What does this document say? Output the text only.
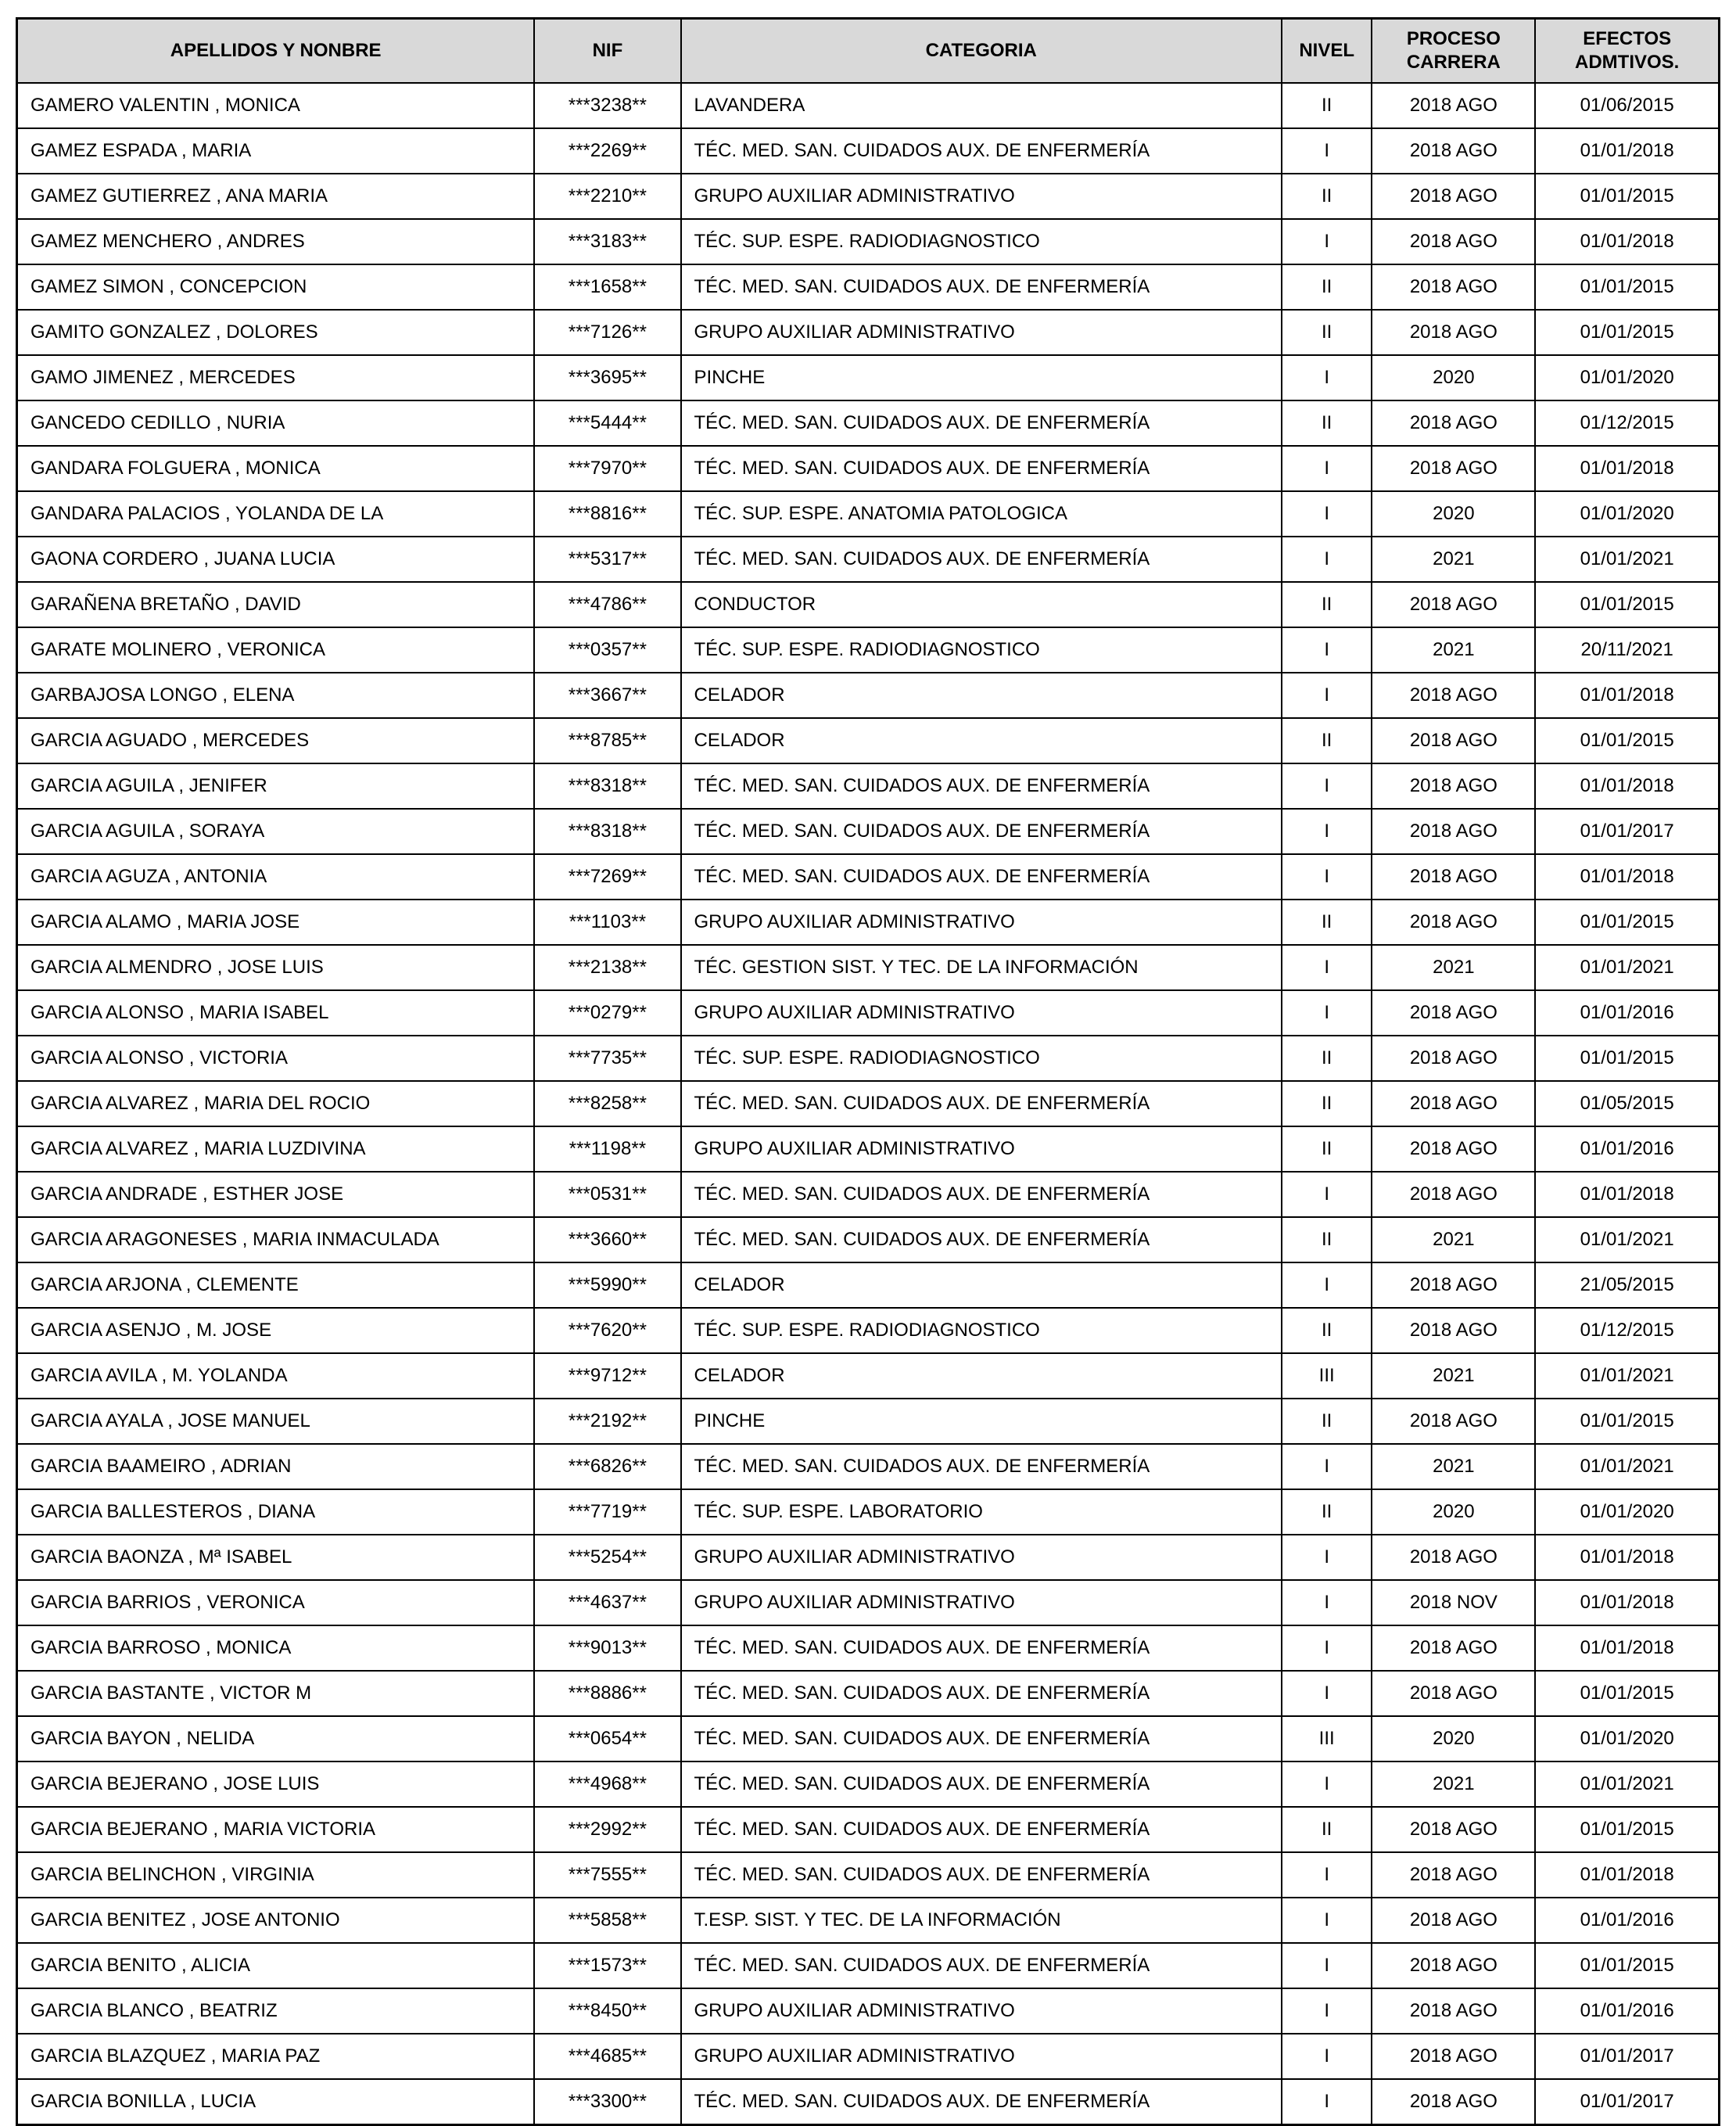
APELLIDOS Y NONBRE	NIF	CATEGORIA	NIVEL	PROCESO CARRERA	EFECTOS ADMTIVOS.
GAMERO VALENTIN , MONICA	***3238**	LAVANDERA	II	2018 AGO	01/06/2015
GAMEZ ESPADA , MARIA	***2269**	TÉC. MED. SAN. CUIDADOS AUX. DE ENFERMERÍA	I	2018 AGO	01/01/2018
GAMEZ GUTIERREZ , ANA MARIA	***2210**	GRUPO AUXILIAR ADMINISTRATIVO	II	2018 AGO	01/01/2015
GAMEZ MENCHERO , ANDRES	***3183**	TÉC. SUP. ESPE. RADIODIAGNOSTICO	I	2018 AGO	01/01/2018
GAMEZ SIMON , CONCEPCION	***1658**	TÉC. MED. SAN. CUIDADOS AUX. DE ENFERMERÍA	II	2018 AGO	01/01/2015
GAMITO GONZALEZ , DOLORES	***7126**	GRUPO AUXILIAR ADMINISTRATIVO	II	2018 AGO	01/01/2015
GAMO JIMENEZ , MERCEDES	***3695**	PINCHE	I	2020	01/01/2020
GANCEDO CEDILLO , NURIA	***5444**	TÉC. MED. SAN. CUIDADOS AUX. DE ENFERMERÍA	II	2018 AGO	01/12/2015
GANDARA FOLGUERA , MONICA	***7970**	TÉC. MED. SAN. CUIDADOS AUX. DE ENFERMERÍA	I	2018 AGO	01/01/2018
GANDARA PALACIOS , YOLANDA DE LA	***8816**	TÉC. SUP. ESPE. ANATOMIA PATOLOGICA	I	2020	01/01/2020
GAONA CORDERO , JUANA LUCIA	***5317**	TÉC. MED. SAN. CUIDADOS AUX. DE ENFERMERÍA	I	2021	01/01/2021
GARAÑENA BRETAÑO , DAVID	***4786**	CONDUCTOR	II	2018 AGO	01/01/2015
GARATE MOLINERO , VERONICA	***0357**	TÉC. SUP. ESPE. RADIODIAGNOSTICO	I	2021	20/11/2021
GARBAJOSA LONGO , ELENA	***3667**	CELADOR	I	2018 AGO	01/01/2018
GARCIA AGUADO , MERCEDES	***8785**	CELADOR	II	2018 AGO	01/01/2015
GARCIA AGUILA , JENIFER	***8318**	TÉC. MED. SAN. CUIDADOS AUX. DE ENFERMERÍA	I	2018 AGO	01/01/2018
GARCIA AGUILA , SORAYA	***8318**	TÉC. MED. SAN. CUIDADOS AUX. DE ENFERMERÍA	I	2018 AGO	01/01/2017
GARCIA AGUZA , ANTONIA	***7269**	TÉC. MED. SAN. CUIDADOS AUX. DE ENFERMERÍA	I	2018 AGO	01/01/2018
GARCIA ALAMO , MARIA JOSE	***1103**	GRUPO AUXILIAR ADMINISTRATIVO	II	2018 AGO	01/01/2015
GARCIA ALMENDRO , JOSE LUIS	***2138**	TÉC. GESTION SIST. Y TEC. DE LA INFORMACIÓN	I	2021	01/01/2021
GARCIA ALONSO , MARIA ISABEL	***0279**	GRUPO AUXILIAR ADMINISTRATIVO	I	2018 AGO	01/01/2016
GARCIA ALONSO , VICTORIA	***7735**	TÉC. SUP. ESPE. RADIODIAGNOSTICO	II	2018 AGO	01/01/2015
GARCIA ALVAREZ , MARIA DEL ROCIO	***8258**	TÉC. MED. SAN. CUIDADOS AUX. DE ENFERMERÍA	II	2018 AGO	01/05/2015
GARCIA ALVAREZ , MARIA LUZDIVINA	***1198**	GRUPO AUXILIAR ADMINISTRATIVO	II	2018 AGO	01/01/2016
GARCIA ANDRADE , ESTHER JOSE	***0531**	TÉC. MED. SAN. CUIDADOS AUX. DE ENFERMERÍA	I	2018 AGO	01/01/2018
GARCIA ARAGONESES , MARIA INMACULADA	***3660**	TÉC. MED. SAN. CUIDADOS AUX. DE ENFERMERÍA	II	2021	01/01/2021
GARCIA ARJONA , CLEMENTE	***5990**	CELADOR	I	2018 AGO	21/05/2015
GARCIA ASENJO , M. JOSE	***7620**	TÉC. SUP. ESPE. RADIODIAGNOSTICO	II	2018 AGO	01/12/2015
GARCIA AVILA , M. YOLANDA	***9712**	CELADOR	III	2021	01/01/2021
GARCIA AYALA , JOSE MANUEL	***2192**	PINCHE	II	2018 AGO	01/01/2015
GARCIA BAAMEIRO , ADRIAN	***6826**	TÉC. MED. SAN. CUIDADOS AUX. DE ENFERMERÍA	I	2021	01/01/2021
GARCIA BALLESTEROS , DIANA	***7719**	TÉC. SUP. ESPE. LABORATORIO	II	2020	01/01/2020
GARCIA BAONZA , Mª ISABEL	***5254**	GRUPO AUXILIAR ADMINISTRATIVO	I	2018 AGO	01/01/2018
GARCIA BARRIOS , VERONICA	***4637**	GRUPO AUXILIAR ADMINISTRATIVO	I	2018 NOV	01/01/2018
GARCIA BARROSO , MONICA	***9013**	TÉC. MED. SAN. CUIDADOS AUX. DE ENFERMERÍA	I	2018 AGO	01/01/2018
GARCIA BASTANTE , VICTOR M	***8886**	TÉC. MED. SAN. CUIDADOS AUX. DE ENFERMERÍA	I	2018 AGO	01/01/2015
GARCIA BAYON , NELIDA	***0654**	TÉC. MED. SAN. CUIDADOS AUX. DE ENFERMERÍA	III	2020	01/01/2020
GARCIA BEJERANO , JOSE LUIS	***4968**	TÉC. MED. SAN. CUIDADOS AUX. DE ENFERMERÍA	I	2021	01/01/2021
GARCIA BEJERANO , MARIA VICTORIA	***2992**	TÉC. MED. SAN. CUIDADOS AUX. DE ENFERMERÍA	II	2018 AGO	01/01/2015
GARCIA BELINCHON , VIRGINIA	***7555**	TÉC. MED. SAN. CUIDADOS AUX. DE ENFERMERÍA	I	2018 AGO	01/01/2018
GARCIA BENITEZ , JOSE ANTONIO	***5858**	T.ESP. SIST. Y TEC. DE LA INFORMACIÓN	I	2018 AGO	01/01/2016
GARCIA BENITO , ALICIA	***1573**	TÉC. MED. SAN. CUIDADOS AUX. DE ENFERMERÍA	I	2018 AGO	01/01/2015
GARCIA BLANCO , BEATRIZ	***8450**	GRUPO AUXILIAR ADMINISTRATIVO	I	2018 AGO	01/01/2016
GARCIA BLAZQUEZ , MARIA PAZ	***4685**	GRUPO AUXILIAR ADMINISTRATIVO	I	2018 AGO	01/01/2017
GARCIA BONILLA , LUCIA	***3300**	TÉC. MED. SAN. CUIDADOS AUX. DE ENFERMERÍA	I	2018 AGO	01/01/2017
